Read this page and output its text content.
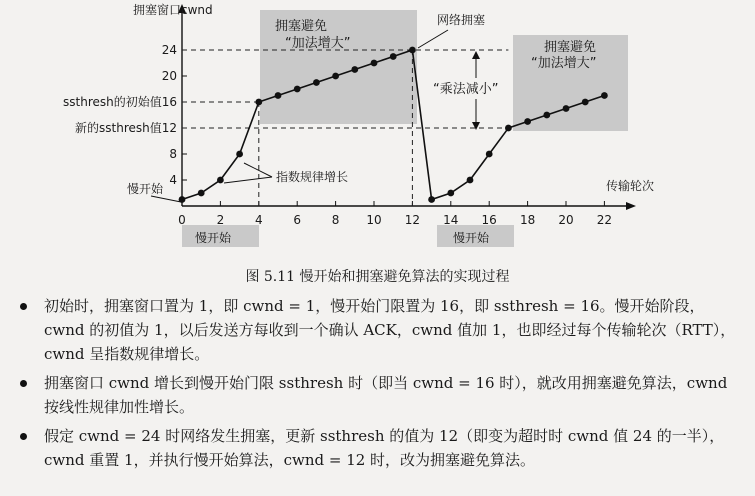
拥塞窗口cwnd
传输轮次
0	2	4	6	8 10 12 14 16 18 20 22
4
8
新的ssthresh值12
ssthresh的初始值16
20
24
拥塞避免
“加法增大”	拥塞避免
“加法增大”
网络拥塞
“乘法减小”
指数规律增长
慢开始
慢开始	慢开始
图 5.11 慢开始和拥塞避免算法的实现过程
初始时，拥塞窗口置为 1，即 cwnd = 1，慢开始门限置为 16，即 ssthresh = 16。慢开始阶段，cwnd 的初值为 1，以后发送方每收到一个确认 ACK，cwnd 值加 1，也即经过每个传输轮次（RTT），cwnd 呈指数规律增长。
拥塞窗口 cwnd 增长到慢开始门限 ssthresh 时（即当 cwnd = 16 时），就改用拥塞避免算法，cwnd 按线性规律加性增长。
假定 cwnd = 24 时网络发生拥塞，更新 ssthresh 的值为 12（即变为超时时 cwnd 值 24 的一半），cwnd 重置 1，并执行慢开始算法，cwnd = 12 时，改为拥塞避免算法。
